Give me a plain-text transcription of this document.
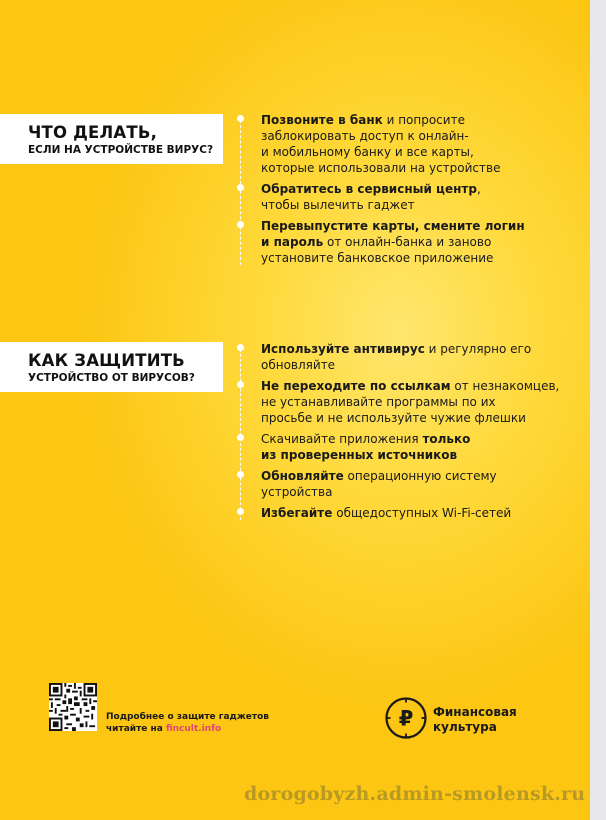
ЧТО ДЕЛАТЬ,
ЕСЛИ НА УСТРОЙСТВЕ ВИРУС?
Позвоните в банк и попросите
заблокировать доступ к онлайн-
и мобильному банку и все карты,
которые использовали на устройстве
Обратитесь в сервисный центр,
чтобы вылечить гаджет
Перевыпустите карты, смените логин
и пароль от онлайн-банка и заново
установите банковское приложение
КАК ЗАЩИТИТЬ
УСТРОЙСТВО ОТ ВИРУСОВ?
Используйте антивирус и регулярно его
обновляйте
Не переходите по ссылкам от незнакомцев,
не устанавливайте программы по их
просьбе и не используйте чужие флешки
Скачивайте приложения только
из проверенных источников
Обновляйте операционную систему
устройства
Избегайте общедоступных Wi-Fi-сетей
Подробнее о защите гаджетов
читайте на fincult.info	₽ Финансовая
культура
dorogobyzh.admin-smolensk.ru
